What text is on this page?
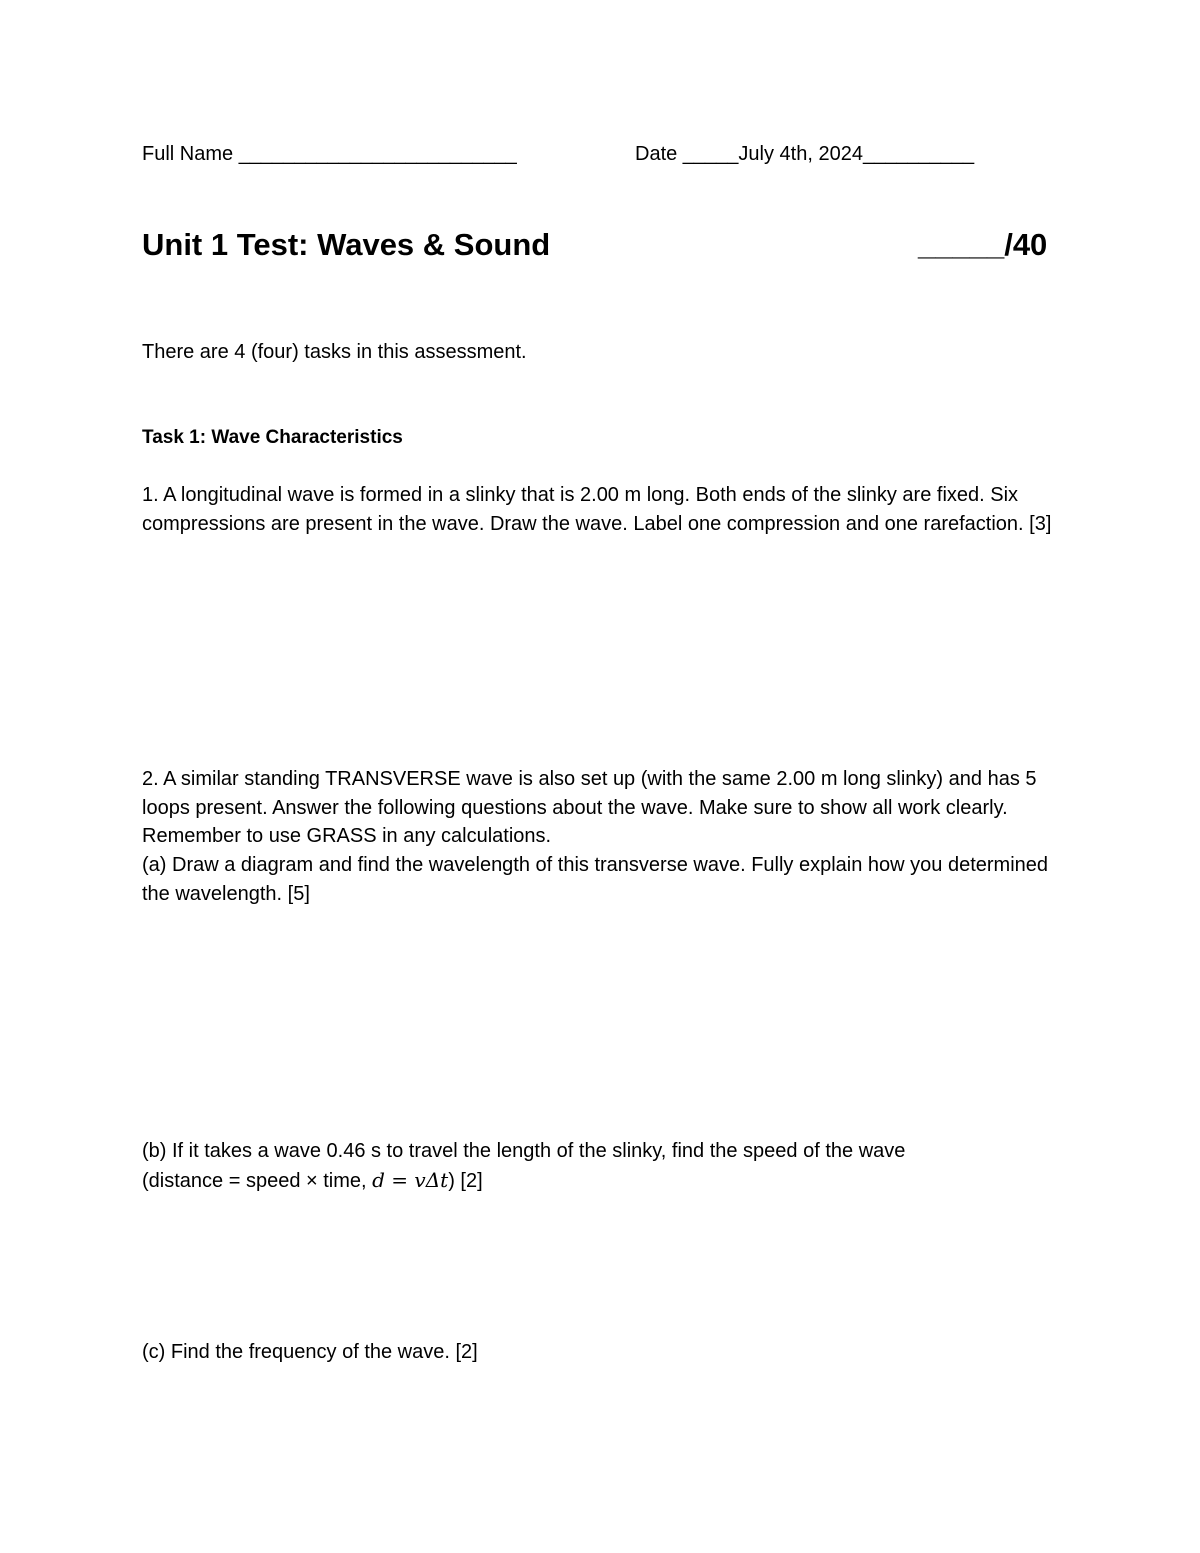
Full Name _________________________	Date _____July 4th, 2024__________
Unit 1 Test: Waves & Sound	_____/40
There are 4 (four) tasks in this assessment.
Task 1: Wave Characteristics
1. A longitudinal wave is formed in a slinky that is 2.00 m long. Both ends of the slinky are fixed. Six compressions are present in the wave. Draw the wave. Label one compression and one rarefaction. [3]
2. A similar standing TRANSVERSE wave is also set up (with the same 2.00 m long slinky) and has 5 loops present. Answer the following questions about the wave. Make sure to show all work clearly. Remember to use GRASS in any calculations.
(a) Draw a diagram and find the wavelength of this transverse wave. Fully explain how you determined the wavelength. [5]
(b) If it takes a wave 0.46 s to travel the length of the slinky, find the speed of the wave
(distance = speed × time, d = vΔt) [2]
(c) Find the frequency of the wave. [2]
